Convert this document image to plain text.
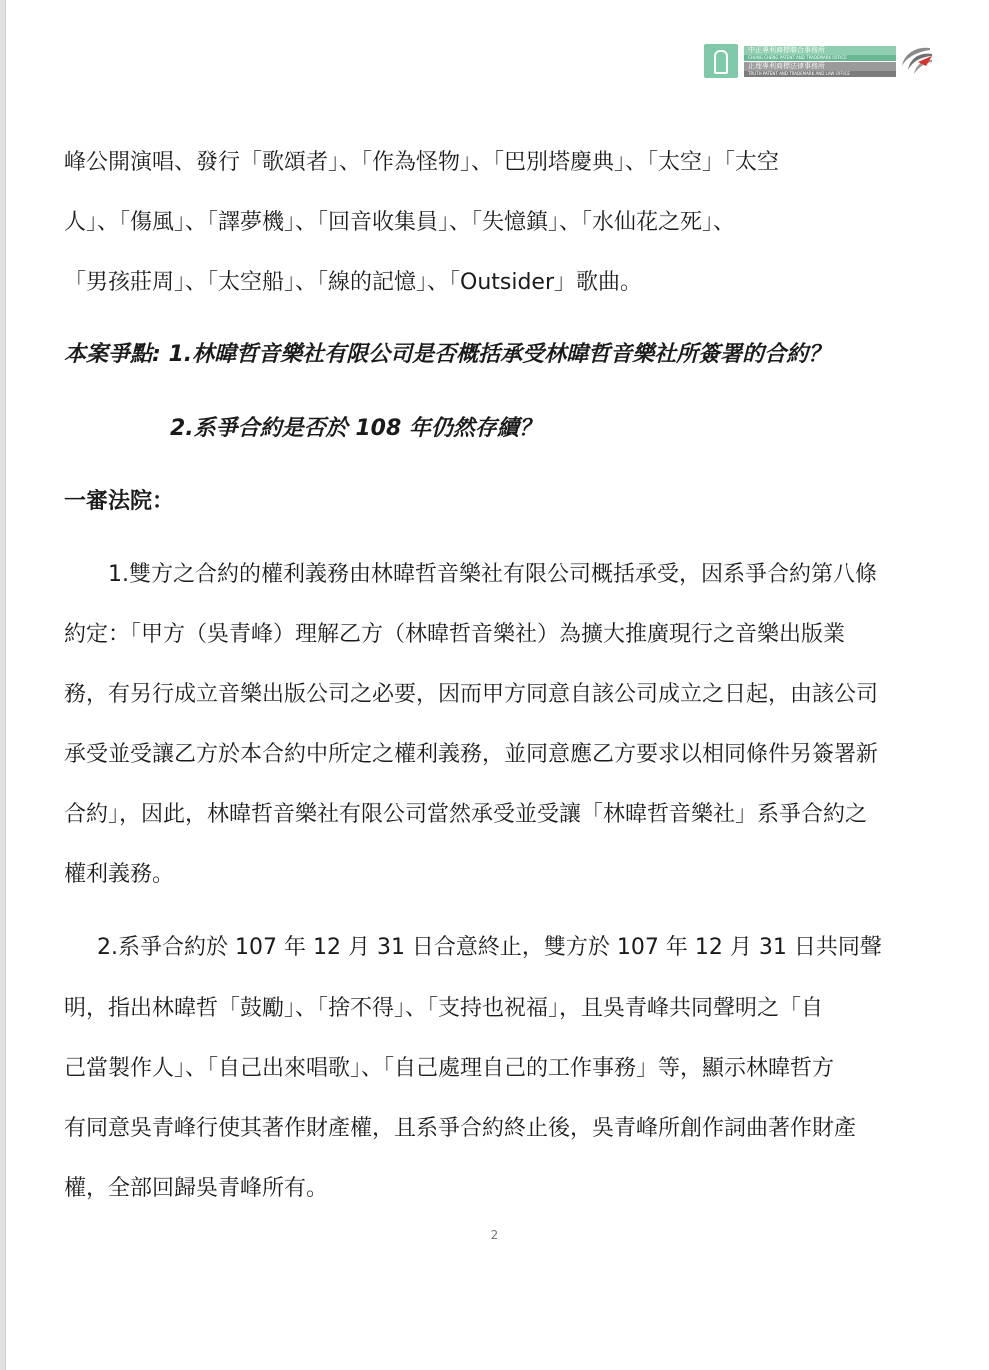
中正專利商標聯合事務所
CHUNG CHENG PATENT AND TRADEMARK OFFICE
正理專利商標法律事務所
TRUTH PATENT AND TRADEMARK AND LAW OFFICE
峰公開演唱、發行「歌頌者」、「作為怪物」、「巴別塔慶典」、「太空」「太空
人」、「傷風」、「譯夢機」、「回音收集員」、「失憶鎮」、「水仙花之死」、
「男孩莊周」、「太空船」、「線的記憶」、「Outsider」歌曲。
本案爭點: 1.林暐哲音樂社有限公司是否概括承受林暐哲音樂社所簽署的合約？
2.系爭合約是否於 108 年仍然存續？
一審法院：
1.雙方之合約的權利義務由林暐哲音樂社有限公司概括承受，因系爭合約第八條
約定：「甲方（吳青峰）理解乙方（林暐哲音樂社）為擴大推廣現行之音樂出版業
務，有另行成立音樂出版公司之必要，因而甲方同意自該公司成立之日起，由該公司
承受並受讓乙方於本合約中所定之權利義務，並同意應乙方要求以相同條件另簽署新
合約」，因此，林暐哲音樂社有限公司當然承受並受讓「林暐哲音樂社」系爭合約之
權利義務。
2.系爭合約於 107 年 12 月 31 日合意終止，雙方於 107 年 12 月 31 日共同聲
明，指出林暐哲「鼓勵」、「捨不得」、「支持也祝福」，且吳青峰共同聲明之「自
己當製作人」、「自己出來唱歌」、「自己處理自己的工作事務」等，顯示林暐哲方
有同意吳青峰行使其著作財產權，且系爭合約終止後，吳青峰所創作詞曲著作財產
權，全部回歸吳青峰所有。
2
